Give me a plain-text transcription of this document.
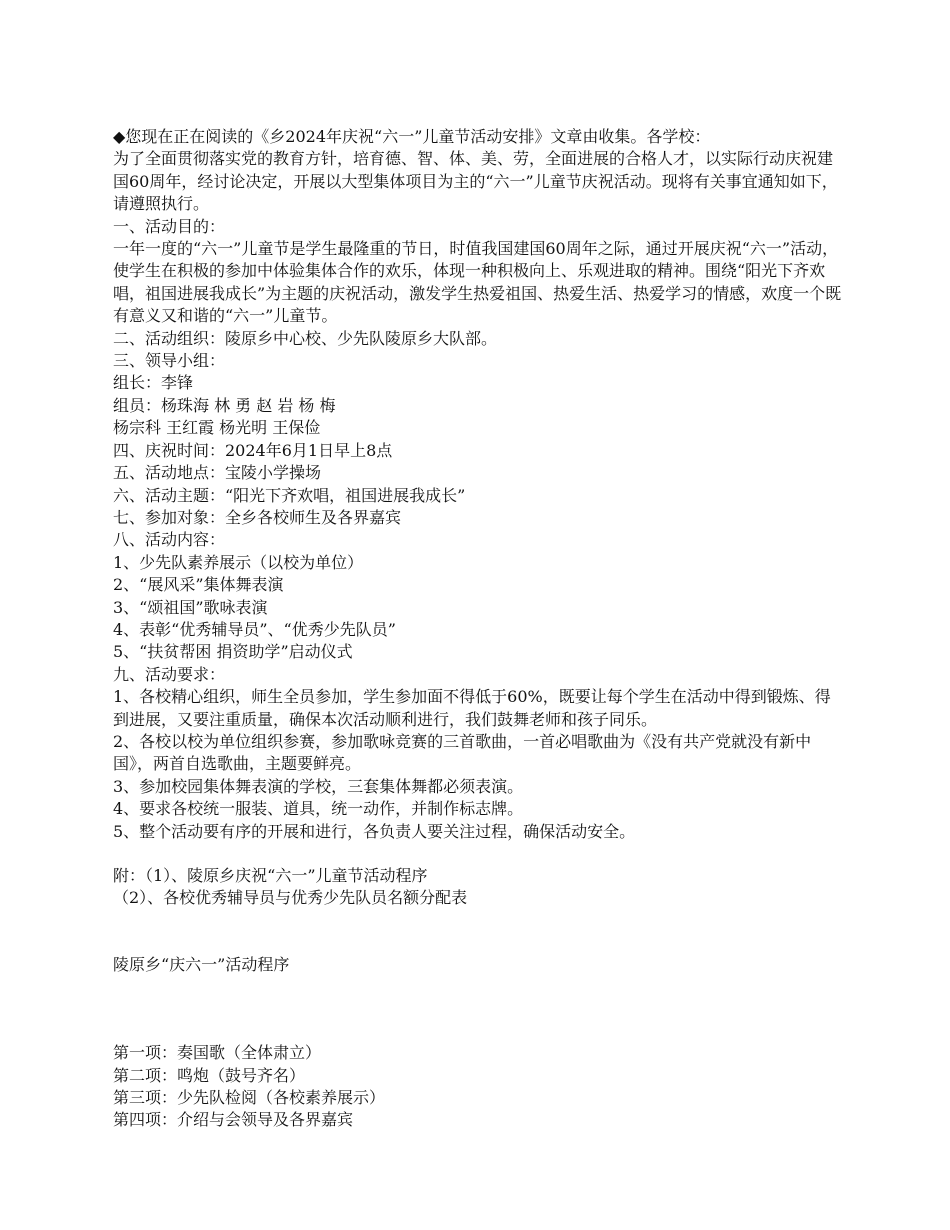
◆您现在正在阅读的《乡2024年庆祝“六一”儿童节活动安排》文章由收集。各学校：
为了全面贯彻落实党的教育方针，培育德、智、体、美、劳，全面进展的合格人才，以实际行动庆祝建国60周年，经讨论决定，开展以大型集体项目为主的“六一”儿童节庆祝活动。现将有关事宜通知如下，请遵照执行。
一、活动目的：
一年一度的“六一”儿童节是学生最隆重的节日，时值我国建国60周年之际，通过开展庆祝“六一”活动，使学生在积极的参加中体验集体合作的欢乐，体现一种积极向上、乐观进取的精神。围绕“阳光下齐欢唱，祖国进展我成长”为主题的庆祝活动，激发学生热爱祖国、热爱生活、热爱学习的情感，欢度一个既有意义又和谐的“六一”儿童节。
二、活动组织：陵原乡中心校、少先队陵原乡大队部。
三、领导小组：
组长：李锋
组员：杨珠海 林 勇 赵 岩 杨 梅
杨宗科 王红霞 杨光明 王保俭
四、庆祝时间：2024年6月1日早上8点
五、活动地点：宝陵小学操场
六、活动主题：“阳光下齐欢唱，祖国进展我成长”
七、参加对象：全乡各校师生及各界嘉宾
八、活动内容：
1、少先队素养展示（以校为单位）
2、“展风采”集体舞表演
3、“颂祖国”歌咏表演
4、表彰“优秀辅导员”、“优秀少先队员”
5、“扶贫帮困 捐资助学”启动仪式
九、活动要求：
1、各校精心组织，师生全员参加，学生参加面不得低于60%，既要让每个学生在活动中得到锻炼、得到进展，又要注重质量，确保本次活动顺利进行，我们鼓舞老师和孩子同乐。
2、各校以校为单位组织参赛，参加歌咏竞赛的三首歌曲，一首必唱歌曲为《没有共产党就没有新中国》，两首自选歌曲，主题要鲜亮。
3、参加校园集体舞表演的学校，三套集体舞都必须表演。
4、要求各校统一服装、道具，统一动作，并制作标志牌。
5、整个活动要有序的开展和进行，各负责人要关注过程，确保活动安全。
附：（1）、陵原乡庆祝“六一”儿童节活动程序
（2）、各校优秀辅导员与优秀少先队员名额分配表
陵原乡“庆六一”活动程序
第一项：奏国歌（全体肃立）
第二项：鸣炮（鼓号齐名）
第三项：少先队检阅（各校素养展示）
第四项：介绍与会领导及各界嘉宾
